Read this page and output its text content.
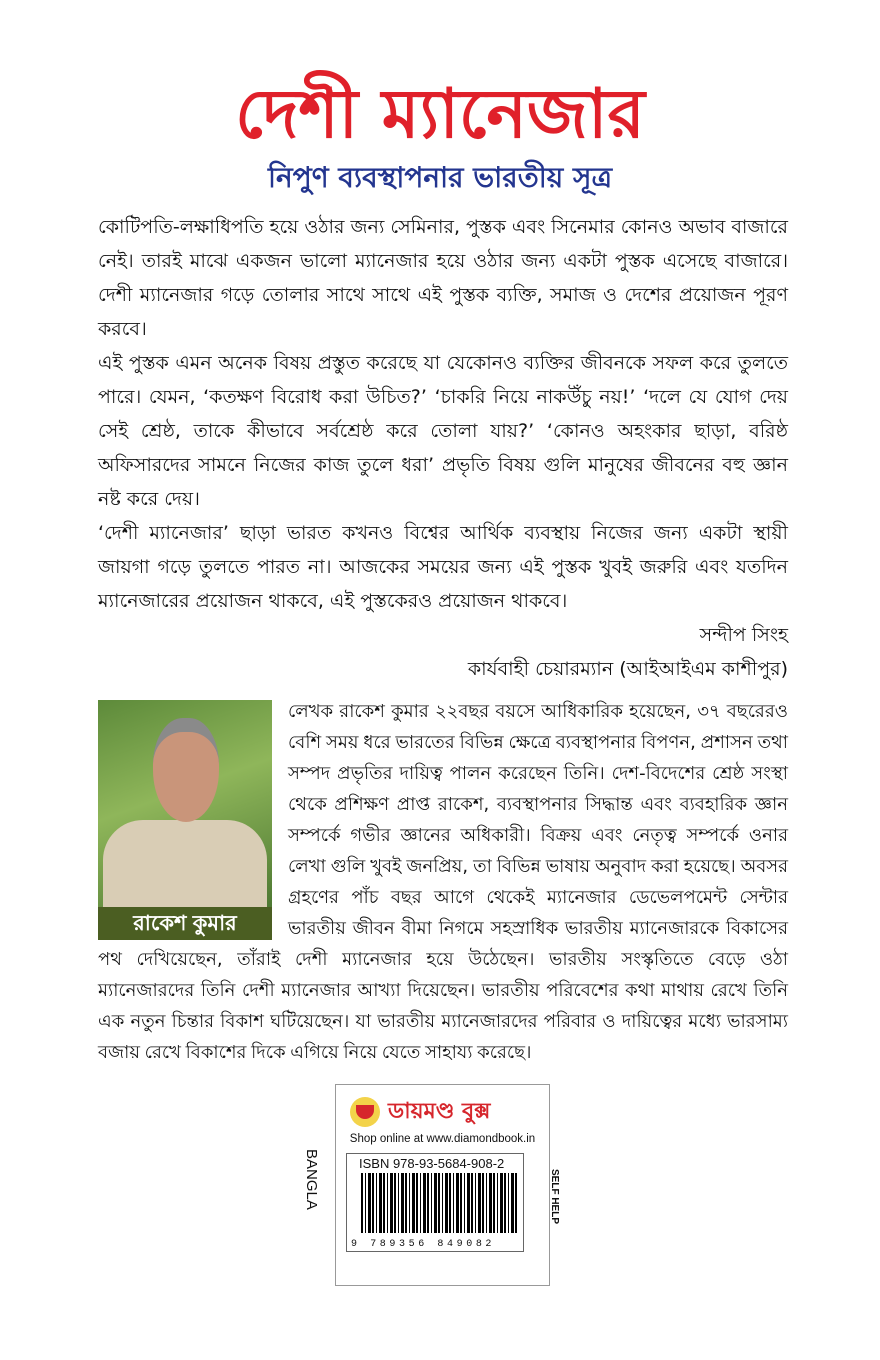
দেশী ম্যানেজার
নিপুণ ব্যবস্থাপনার ভারতীয় সূত্র

কোটিপতি-লক্ষাধিপতি হয়ে ওঠার জন্য সেমিনার, পুস্তক এবং সিনেমার কোনও অভাব বাজারে নেই। তারই মাঝে একজন ভালো ম্যানেজার হয়ে ওঠার জন্য একটা পুস্তক এসেছে বাজারে। দেশী ম্যানেজার গড়ে তোলার সাথে সাথে এই পুস্তক ব্যক্তি, সমাজ ও দেশের প্রয়োজন পূরণ করবে।

এই পুস্তক এমন অনেক বিষয় প্রস্তুত করেছে যা যেকোনও ব্যক্তির জীবনকে সফল করে তুলতে পারে। যেমন, ‘কতক্ষণ বিরোধ করা উচিত?’ ‘চাকরি নিয়ে নাকউঁচু নয়!’ ‘দলে যে যোগ দেয় সেই শ্রেষ্ঠ, তাকে কীভাবে সর্বশ্রেষ্ঠ করে তোলা যায়?’ ‘কোনও অহংকার ছাড়া, বরিষ্ঠ অফিসারদের সামনে নিজের কাজ তুলে ধরা’ প্রভৃতি বিষয় গুলি মানুষের জীবনের বহু জ্ঞান নষ্ট করে দেয়।

‘দেশী ম্যানেজার’ ছাড়া ভারত কখনও বিশ্বের আর্থিক ব্যবস্থায় নিজের জন্য একটা স্থায়ী জায়গা গড়ে তুলতে পারত না। আজকের সময়ের জন্য এই পুস্তক খুবই জরুরি এবং যতদিন ম্যানেজারের প্রয়োজন থাকবে, এই পুস্তকেরও প্রয়োজন থাকবে।

সন্দীপ সিংহ

কার্যবাহী চেয়ারম্যান (আইআইএম কাশীপুর)

রাকেশ কুমার
লেখক রাকেশ কুমার ২২বছর বয়সে আধিকারিক হয়েছেন, ৩৭ বছরেরও বেশি সময় ধরে ভারতের বিভিন্ন ক্ষেত্রে ব্যবস্থাপনার বিপণন, প্রশাসন তথা সম্পদ প্রভৃতির দায়িত্ব পালন করেছেন তিনি। দেশ-বিদেশের শ্রেষ্ঠ সংস্থা থেকে প্রশিক্ষণ প্রাপ্ত রাকেশ, ব্যবস্থাপনার সিদ্ধান্ত এবং ব্যবহারিক জ্ঞান সম্পর্কে গভীর জ্ঞানের অধিকারী। বিক্রয় এবং নেতৃত্ব সম্পর্কে ওনার লেখা গুলি খুবই জনপ্রিয়, তা বিভিন্ন ভাষায় অনুবাদ করা হয়েছে। অবসর গ্রহণের পাঁচ বছর আগে থেকেই ম্যানেজার ডেভেলপমেন্ট সেন্টার ভারতীয় জীবন বীমা নিগমে সহস্রাধিক ভারতীয় ম্যানেজারকে বিকাসের পথ দেখিয়েছেন, তাঁরাই দেশী ম্যানেজার হয়ে উঠেছেন। ভারতীয় সংস্কৃতিতে বেড়ে ওঠা ম্যানেজারদের তিনি দেশী ম্যানেজার আখ্যা দিয়েছেন। ভারতীয় পরিবেশের কথা মাথায় রেখে তিনি এক নতুন চিন্তার বিকাশ ঘটিয়েছেন। যা ভারতীয় ম্যানেজারদের পরিবার ও দায়িত্বের মধ্যে ভারসাম্য বজায় রেখে বিকাশের দিকে এগিয়ে নিয়ে যেতে সাহায্য করেছে।
BANGLA
ডায়মণ্ড বুক্স
Shop online at www.diamondbook.in
ISBN 978-93-5684-908-2
9 789356 849082
SELF HELP
